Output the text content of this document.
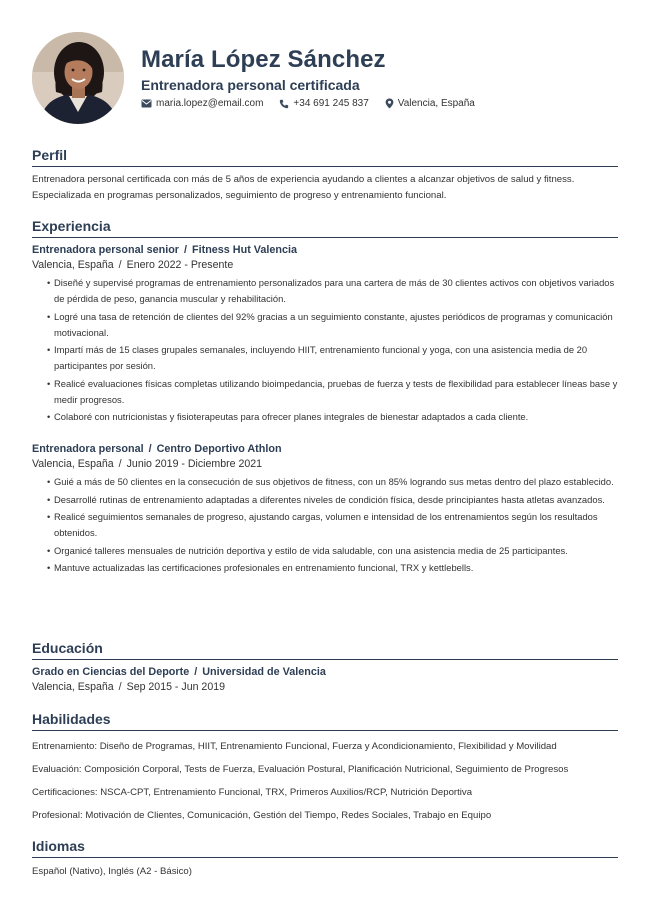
María López Sánchez
Entrenadora personal certificada
maria.lopez@email.com	+34 691 245 837	Valencia, España
Perfil
Entrenadora personal certificada con más de 5 años de experiencia ayudando a clientes a alcanzar objetivos de salud y fitness. Especializada en programas personalizados, seguimiento de progreso y entrenamiento funcional.
Experiencia
Entrenadora personal senior / Fitness Hut Valencia
Valencia, España / Enero 2022 - Presente
• Diseñé y supervisé programas de entrenamiento personalizados para una cartera de más de 30 clientes activos con objetivos variados de pérdida de peso, ganancia muscular y rehabilitación.
• Logré una tasa de retención de clientes del 92% gracias a un seguimiento constante, ajustes periódicos de programas y comunicación motivacional.
• Impartí más de 15 clases grupales semanales, incluyendo HIIT, entrenamiento funcional y yoga, con una asistencia media de 20 participantes por sesión.
• Realicé evaluaciones físicas completas utilizando bioimpedancia, pruebas de fuerza y tests de flexibilidad para establecer líneas base y medir progresos.
• Colaboré con nutricionistas y fisioterapeutas para ofrecer planes integrales de bienestar adaptados a cada cliente.
Entrenadora personal / Centro Deportivo Athlon
Valencia, España / Junio 2019 - Diciembre 2021
• Guié a más de 50 clientes en la consecución de sus objetivos de fitness, con un 85% logrando sus metas dentro del plazo establecido.
• Desarrollé rutinas de entrenamiento adaptadas a diferentes niveles de condición física, desde principiantes hasta atletas avanzados.
• Realicé seguimientos semanales de progreso, ajustando cargas, volumen e intensidad de los entrenamientos según los resultados obtenidos.
• Organicé talleres mensuales de nutrición deportiva y estilo de vida saludable, con una asistencia media de 25 participantes.
• Mantuve actualizadas las certificaciones profesionales en entrenamiento funcional, TRX y kettlebells.
Educación
Grado en Ciencias del Deporte / Universidad de Valencia
Valencia, España / Sep 2015 - Jun 2019
Habilidades
Entrenamiento: Diseño de Programas, HIIT, Entrenamiento Funcional, Fuerza y Acondicionamiento, Flexibilidad y Movilidad
Evaluación: Composición Corporal, Tests de Fuerza, Evaluación Postural, Planificación Nutricional, Seguimiento de Progresos
Certificaciones: NSCA-CPT, Entrenamiento Funcional, TRX, Primeros Auxilios/RCP, Nutrición Deportiva
Profesional: Motivación de Clientes, Comunicación, Gestión del Tiempo, Redes Sociales, Trabajo en Equipo
Idiomas
Español (Nativo), Inglés (A2 - Básico)
